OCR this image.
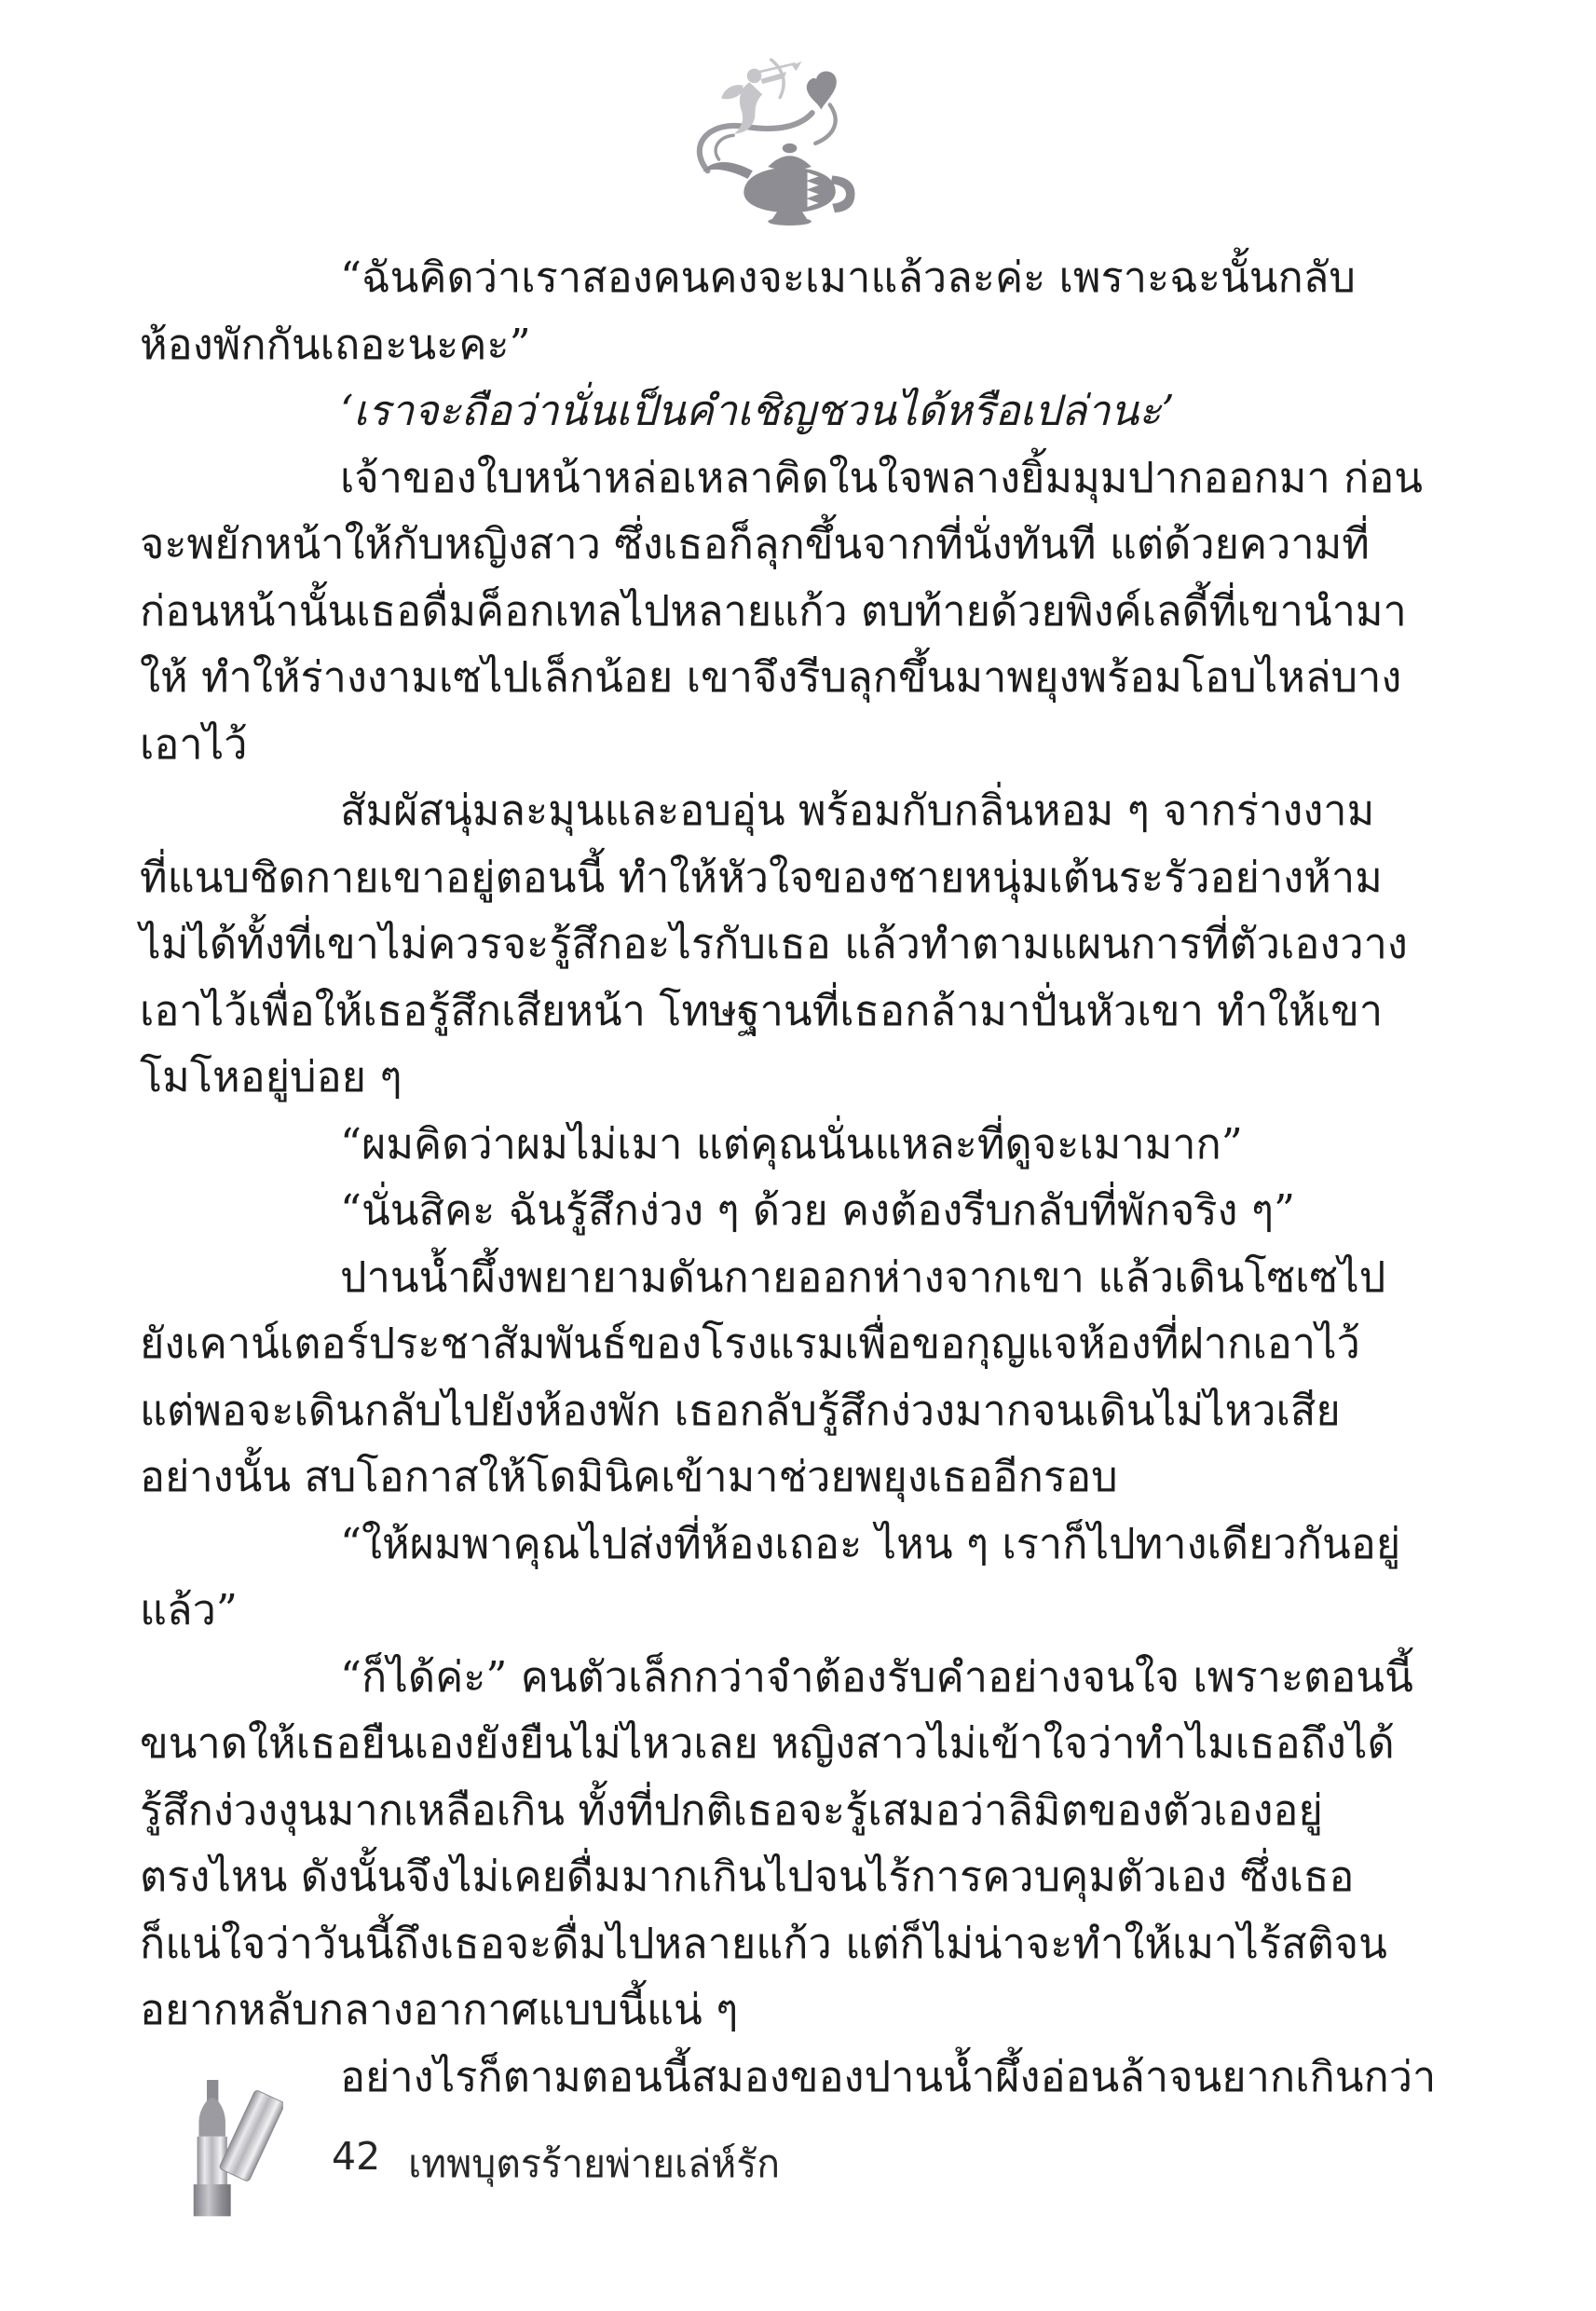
“ฉันคิดว่าเราสองคนคงจะเมาแล้วละค่ะ เพราะฉะนั้นกลับ
ห้องพักกันเถอะนะคะ”
‘เราจะถือว่านั่นเป็นคำเชิญชวนได้หรือเปล่านะ’
เจ้าของใบหน้าหล่อเหลาคิดในใจพลางยิ้มมุมปากออกมา ก่อน
จะพยักหน้าให้กับหญิงสาว ซึ่งเธอก็ลุกขึ้นจากที่นั่งทันที แต่ด้วยความที่
ก่อนหน้านั้นเธอดื่มค็อกเทลไปหลายแก้ว ตบท้ายด้วยพิงค์เลดี้ที่เขานำมา
ให้ ทำให้ร่างงามเซไปเล็กน้อย เขาจึงรีบลุกขึ้นมาพยุงพร้อมโอบไหล่บาง
เอาไว้
สัมผัสนุ่มละมุนและอบอุ่น พร้อมกับกลิ่นหอม ๆ จากร่างงาม
ที่แนบชิดกายเขาอยู่ตอนนี้ ทำให้หัวใจของชายหนุ่มเต้นระรัวอย่างห้าม
ไม่ได้ทั้งที่เขาไม่ควรจะรู้สึกอะไรกับเธอ แล้วทำตามแผนการที่ตัวเองวาง
เอาไว้เพื่อให้เธอรู้สึกเสียหน้า โทษฐานที่เธอกล้ามาปั่นหัวเขา ทำให้เขา
โมโหอยู่บ่อย ๆ
“ผมคิดว่าผมไม่เมา แต่คุณนั่นแหละที่ดูจะเมามาก”
“นั่นสิคะ ฉันรู้สึกง่วง ๆ ด้วย คงต้องรีบกลับที่พักจริง ๆ”
ปานน้ำผึ้งพยายามดันกายออกห่างจากเขา แล้วเดินโซเซไป
ยังเคาน์เตอร์ประชาสัมพันธ์ของโรงแรมเพื่อขอกุญแจห้องที่ฝากเอาไว้
แต่พอจะเดินกลับไปยังห้องพัก เธอกลับรู้สึกง่วงมากจนเดินไม่ไหวเสีย
อย่างนั้น สบโอกาสให้โดมินิคเข้ามาช่วยพยุงเธออีกรอบ
“ให้ผมพาคุณไปส่งที่ห้องเถอะ ไหน ๆ เราก็ไปทางเดียวกันอยู่
แล้ว”
“ก็ได้ค่ะ” คนตัวเล็กกว่าจำต้องรับคำอย่างจนใจ เพราะตอนนี้
ขนาดให้เธอยืนเองยังยืนไม่ไหวเลย หญิงสาวไม่เข้าใจว่าทำไมเธอถึงได้
รู้สึกง่วงงุนมากเหลือเกิน ทั้งที่ปกติเธอจะรู้เสมอว่าลิมิตของตัวเองอยู่
ตรงไหน ดังนั้นจึงไม่เคยดื่มมากเกินไปจนไร้การควบคุมตัวเอง ซึ่งเธอ
ก็แน่ใจว่าวันนี้ถึงเธอจะดื่มไปหลายแก้ว แต่ก็ไม่น่าจะทำให้เมาไร้สติจน
อยากหลับกลางอากาศแบบนี้แน่ ๆ
อย่างไรก็ตามตอนนี้สมองของปานน้ำผึ้งอ่อนล้าจนยากเกินกว่า
42 เทพบุตรร้ายพ่ายเล่ห์รัก
